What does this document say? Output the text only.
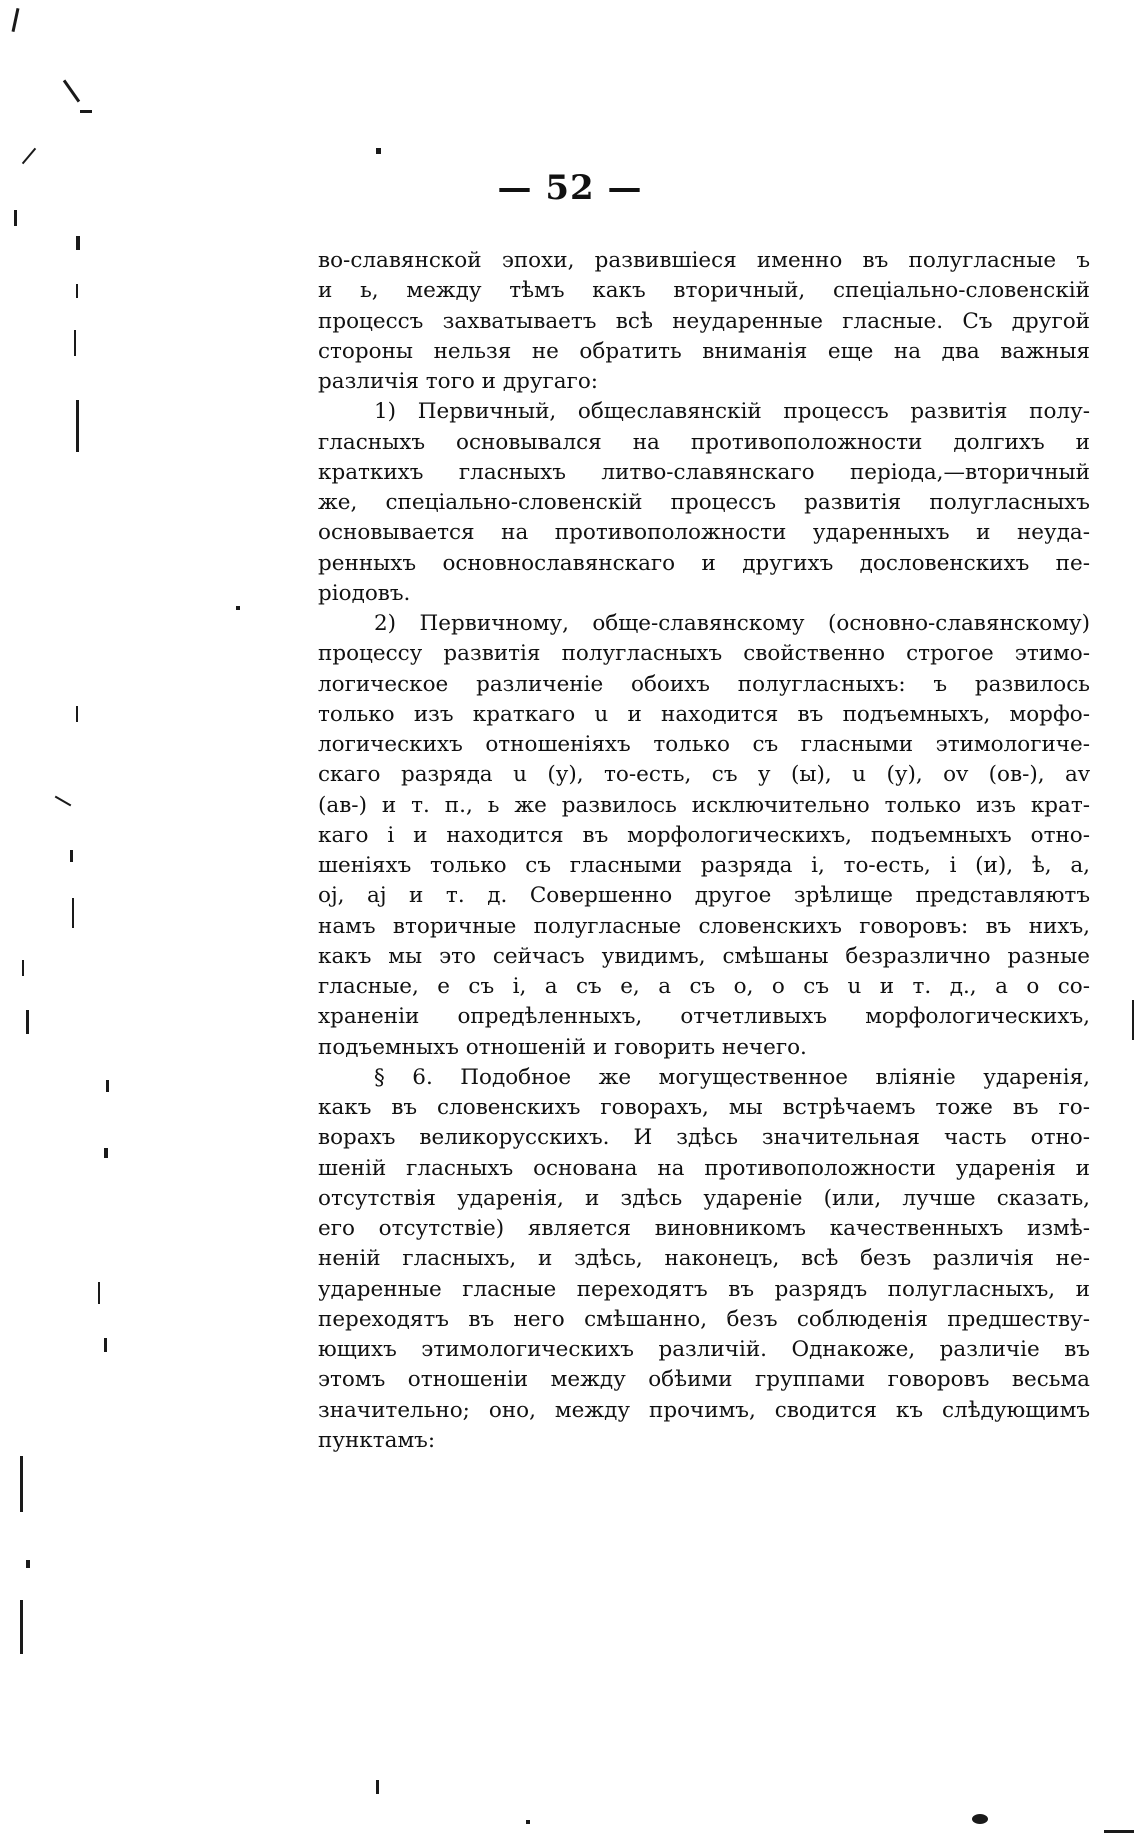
— 52 —
во-славянской эпохи, развившіеся именно въ полугласные ъ
и ь, между тѣмъ какъ вторичный, спеціально-словенскій
процессъ захватываетъ всѣ неударенные гласные. Съ другой
стороны нельзя не обратить вниманія еще на два важныя
различія того и другаго:
1) Первичный, общеславянскій процессъ развитія полу-
гласныхъ основывался на противоположности долгихъ и
краткихъ гласныхъ литво-славянскаго періода,—вторичный
же, спеціально-словенскій процессъ развитія полугласныхъ
основывается на противоположности ударенныхъ и неуда-
ренныхъ основнославянскаго и другихъ дословенскихъ пе-
ріодовъ.
2) Первичному, обще-славянскому (основно-славянскому)
процессу развитія полугласныхъ свойственно строгое этимо-
логическое различеніе обоихъ полугласныхъ: ъ развилось
только изъ краткаго u и находится въ подъемныхъ, морфо-
логическихъ отношеніяхъ только съ гласными этимологиче-
скаго разряда u (у), то-есть, съ у (ы), u (у), ov (ов-), av
(ав-) и т. п., ь же развилось исключительно только изъ крат-
каго і и находится въ морфологическихъ, подъемныхъ отно-
шеніяхъ только съ гласными разряда і, то-есть, і (и), ѣ, а,
оj, аj и т. д. Совершенно другое зрѣлище представляютъ
намъ вторичные полугласные словенскихъ говоровъ: въ нихъ,
какъ мы это сейчасъ увидимъ, смѣшаны безразлично разные
гласные, е съ і, а съ е, а съ о, о съ u и т. д., а о со-
храненіи опредѣленныхъ, отчетливыхъ морфологическихъ,
подъемныхъ отношеній и говорить нечего.
§ 6. Подобное же могущественное вліяніе ударенія,
какъ въ словенскихъ говорахъ, мы встрѣчаемъ тоже въ го-
ворахъ великорусскихъ. И здѣсь значительная часть отно-
шеній гласныхъ основана на противоположности ударенія и
отсутствія ударенія, и здѣсь удареніе (или, лучше сказать,
его отсутствіе) является виновникомъ качественныхъ измѣ-
неній гласныхъ, и здѣсь, наконецъ, всѣ безъ различія не-
ударенные гласные переходятъ въ разрядъ полугласныхъ, и
переходятъ въ него смѣшанно, безъ соблюденія предшеству-
ющихъ этимологическихъ различій. Однакоже, различіе въ
этомъ отношеніи между обѣими группами говоровъ весьма
значительно; оно, между прочимъ, сводится къ слѣдующимъ
пунктамъ:
